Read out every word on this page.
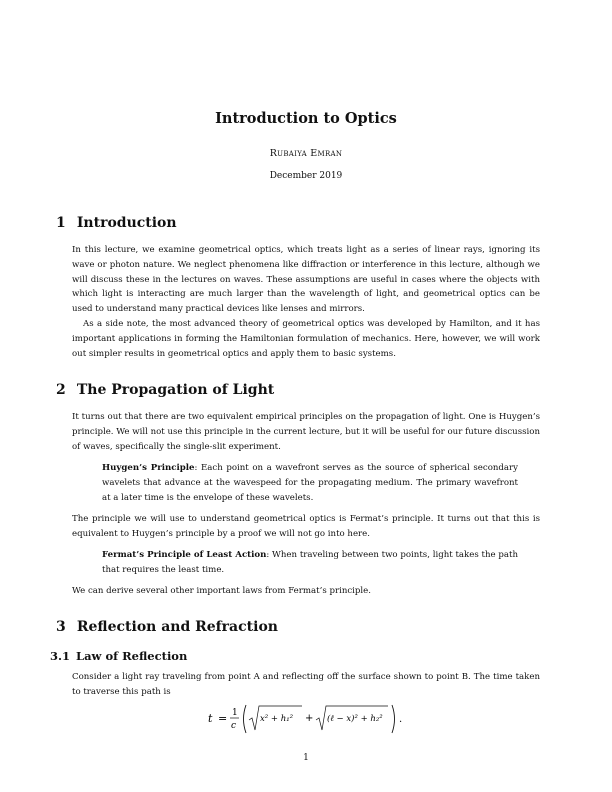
Introduction to Optics
Rubaiya Emran
December 2019
1 Introduction
In this lecture, we examine geometrical optics, which treats light as a series of linear rays, ignoring its wave or photon nature. We neglect phenomena like diffraction or interference in this lecture, although we will discuss these in the lectures on waves. These assumptions are useful in cases where the objects with which light is interacting are much larger than the wavelength of light, and geometrical optics can be used to understand many practical devices like lenses and mirrors.
As a side note, the most advanced theory of geometrical optics was developed by Hamilton, and it has important applications in forming the Hamiltonian formulation of mechanics. Here, however, we will work out simpler results in geometrical optics and apply them to basic systems.
2 The Propagation of Light
It turns out that there are two equivalent empirical principles on the propagation of light. One is Huygen’s principle. We will not use this principle in the current lecture, but it will be useful for our future discussion of waves, specifically the single-slit experiment.
Huygen’s Principle: Each point on a wavefront serves as the source of spherical secondary wavelets that advance at the wavespeed for the propagating medium. The primary wavefront at a later time is the envelope of these wavelets.
The principle we will use to understand geometrical optics is Fermat’s principle. It turns out that this is equivalent to Huygen’s principle by a proof we will not go into here.
Fermat’s Principle of Least Action: When traveling between two points, light takes the path that requires the least time.
We can derive several other important laws from Fermat’s principle.
3 Reflection and Refraction
3.1 Law of Reflection
Consider a light ray traveling from point A and reflecting off the surface shown to point B. The time taken to traverse this path is
t = 1
c
x² + h₁² + (ℓ − x)² + h₂² .
1
